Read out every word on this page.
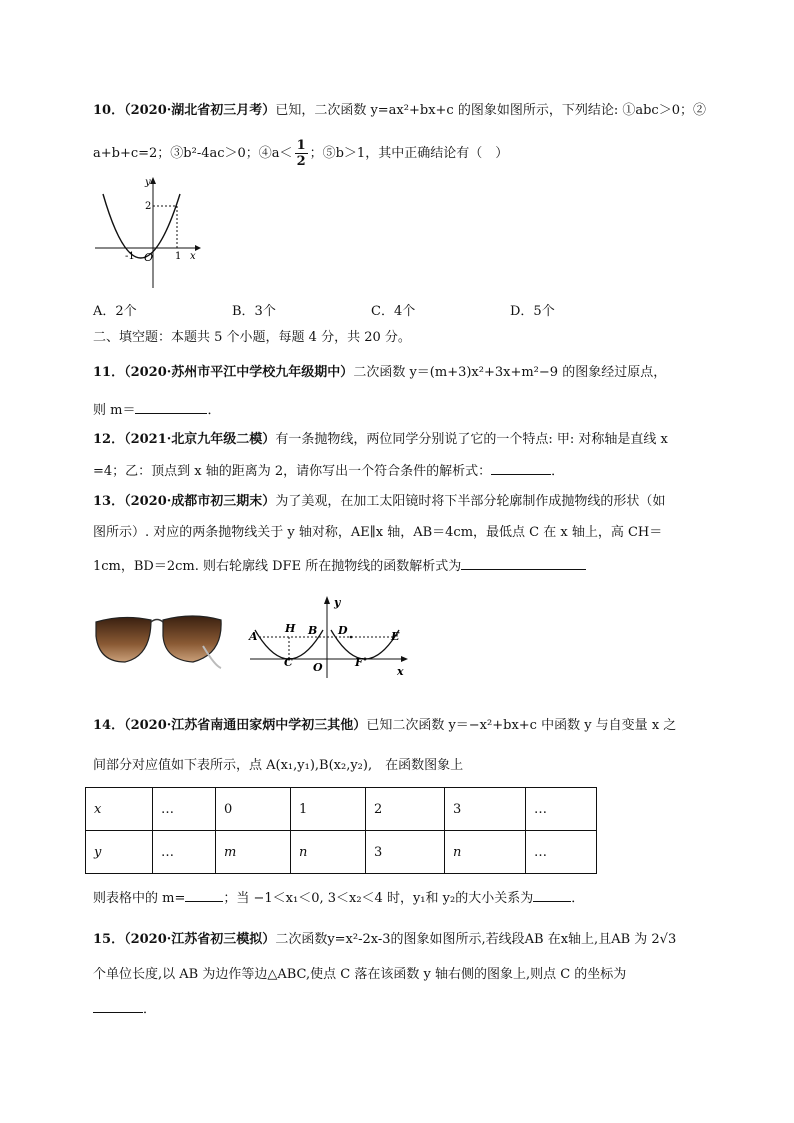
10．（2020·湖北省初三月考）已知，二次函数 y=ax²+bx+c 的图象如图所示，下列结论: ①abc＞0；②
a+b+c=2；③b²-4ac＞0；④a＜ $\frac{1}{2}$ ；⑤b＞1，其中正确结论有（　）
y
x
2
-1 O 1
A．2个	B．3个	C．4个	D．5个
二、填空题：本题共 5 个小题，每题 4 分，共 20 分。
11．（2020·苏州市平江中学校九年级期中）二次函数 y＝(m+3)x²+3x+m²−9 的图象经过原点，
则 m＝	．
12．（2021·北京九年级二模）有一条抛物线，两位同学分别说了它的一个特点: 甲: 对称轴是直线 x
=4；乙：顶点到 x 轴的距离为 2，请你写出一个符合条件的解析式：	．
13．（2020·成都市初三期末）为了美观，在加工太阳镜时将下半部分轮廓制作成抛物线的形状（如
图所示）. 对应的两条抛物线关于 y 轴对称，AE∥x 轴，AB＝4cm，最低点 C 在 x 轴上，高 CH＝
1cm，BD＝2cm. 则右轮廓线 DFE 所在抛物线的函数解析式为
y
x
A
H B D	E
C O	F
14．（2020·江苏省南通田家炳中学初三其他）已知二次函数 y＝−x²+bx+c 中函数 y 与自变量 x 之
间部分对应值如下表所示，点 A(x₁,y₁),B(x₂,y₂),　在函数图象上
x	…	0	1	2	3	…
y	…	m	n	3	n	…
则表格中的 m=	；当 −1＜x₁＜0, 3＜x₂＜4 时，y₁和 y₂的大小关系为	．
15．（2020·江苏省初三模拟）二次函数y=x²-2x-3的图象如图所示,若线段AB 在x轴上,且AB 为 2√3
个单位长度,以 AB 为边作等边△ABC,使点 C 落在该函数 y 轴右侧的图象上,则点 C 的坐标为
．
